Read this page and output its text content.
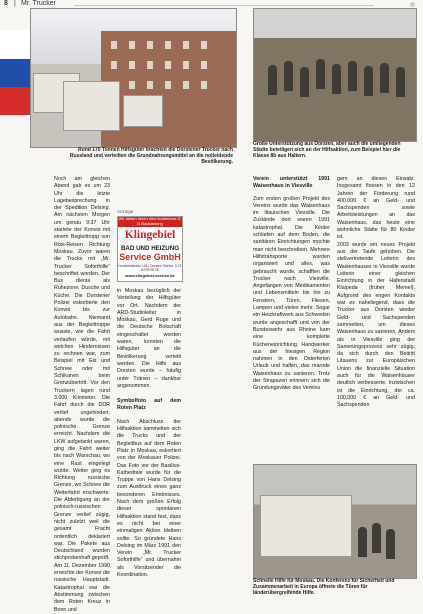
8 | Mr. Trucker
Rund 170 Tonnen Hilfsgüter brachten die Dorstener Trucker nach Russland und verteilten die Grundnahrungsmittel an die notleidende Bevölkerung.
Große Unterstützung aus Dorsten, aber auch die umliegenden Städte beteiligen sich an der Hilfsaktion, zum Beispiel hier die Klasse 8b aus Haltern.

Noch am gleichen Abend gab es um 23 Uhr die letzte Lagebesprechung in der Spedition Delsing. Am nächsten Morgen um genau 9:37 Uhr startete der Konvoi mit einem Begleittrupp von Rosi-Reisen Richtung Moskau. Zuvor waren die Trucks mit „Mr. Trucker Soforthilfe“ beschriftet worden. Der Bus diente als Ruhezone, Dusche und Küche. Die Dorstener Polizei eskortierte den Konvoi bis zur Autobahn. Niemand aus der Begleittruppe wusste, wie die Fahrt verlaufen würde, mit welchen Hindernissen zu rechnen war, zum Beispiel mit Eis und Schnee oder mit Schikanen beim Grenzübertritt. Vor den Truckern lagen rund 3.000 Kilometer. Die Fahrt durch die DDR verlief ungehindert, abends wurde die polnische Grenze erreicht. Nachdem die LKW aufgetankt waren, ging die Fahrt weiter bis nach Warschau, wo eine Rast eingelegt wurde. Weiter ging es Richtung russische Grenze, wo Schnee die Weiterfahrt erschwerte. Die Abfertigung an der polnisch-russischen Grenze verlief zügig, nicht zuletzt weil die gesamt Fracht ordentlich deklariert war. Die Pakete aus Deutschland wurden stichprobenhaft geprüft.
Am 11. Dezember 1990 erreichte der Konvoi die russische Hauptstadt. Katastrophal war die Abstimmung zwischen dem Roten Kreuz in Bonn und

in Moskau bezüglich der Verteilung der Hilfsgüter vor Ort. Nachdem der ARD-Studioleiter in Moskau, Gerd Ruge und die Deutsche Botschaft eingeschaltet worden waren, konnten die Hilfsgüter an die Bevölkerung verteilt werden. Die Hilfe aus Dorsten wurde – häufig unter Tränen – dankbar angenommen.

Symbolfoto auf dem Roten Platz

Nach Abschluss der Hilfsaktion sammelten sich die Trucks und der Begleitbus auf dem Roten Platz in Moskau, eskortiert von der Moskauer Polizei. Das Foto vor der Basilius-Kathedrale wurde für die Truppe von Hans Delsing zum Ausdruck eines ganz besonderen Erlebnisses. Nach dem großen Erfolg dieser spontanen Hilfsaktion stand fest, dass es nicht bei einer einmaligen Aktion bleiben sollte. So gründete Hans Delsing im März 1991 den Verein „Mr. Trucker Soforthilfe“ und übernahm als Vorsitzender die Koordination.

Anzeige
Wir bieten Ihnen eine kostenlose 3-D-Badplanung
Klingebiel
BAD UND HEIZUNG
Service GmbH
Hohefeldstraße 108 | Dorsten Telefon: 0 23 62/99 99 28
www.klingebiel-service.de

Verein unterstützt 1991 Waisenhaus in Viesville

Zum ersten großen Projekt des Vereins wurde das Waisenhaus im litauischen Viesville. Die Zustände dort waren 1991 katastrophal. Die Kinder schliefen auf dem Boden, die sanitären Einrichtungen mochte man nicht beschreiben. Mehrere Hilfstransporte wurden organisiert und alles, was gebraucht wurde, schafften die Trucker nach Viesville. Angefangen von Medikamenten und Lebensmitteln bis hin zu Fenstern, Türen, Fliesen, Lampen und vieles mehr. Sogar ein Heizkraftwerk aus Schweden wurde angeschafft und von der Bundeswehr aus Rheine kam eine komplette Kücheneinrichtung. Handwerker aus der hiesigen Region nahmen in den Osterferien Urlaub und halfen, das marode Waisenhaus zu sanieren. Trotz der Strapazen erinnern sich die Gründungsväter des Vereins

gern an diesen Einsatz. Insgesamt flossen in den 12 Jahren der Förderung rund 400.000 € an Geld- und Sachspenden sowie Arbeitsleistungen an das Waisenhaus, das heute eine wohnliche Stätte für 80 Kinder ist.
2003 wurde ein neues Projekt aus der Taufe gehoben. Die stellvertretende Leiterin des Waisenhauses in Viesville wurde Leiterin einer gleichen Einrichtung in der Hafenstadt Klaipeda (früher Memel). Aufgrund des engen Kontakts war es naheliegend, dass die Trucker aus Dorsten wieder Geld- und Sachspenden sammelten, um dieses Waisenhaus zu sanieren. Anders als in Viesville ging der Sanierungsprozess sehr zügig, da sich durch den Beitritt Litauens zur Europäischen Union die finanzielle Situation auch für die Waisenhäuser deutlich verbesserte. Inzwischen ist die Einrichtung, der ca. 100.000 € an Geld- und Sachspenden

Schnelle Hilfe für Moskau. Die Konferenz für Sicherheit und Zusammenarbeit in Europa öffnete die Türen für länderübergreifende Hilfe.
